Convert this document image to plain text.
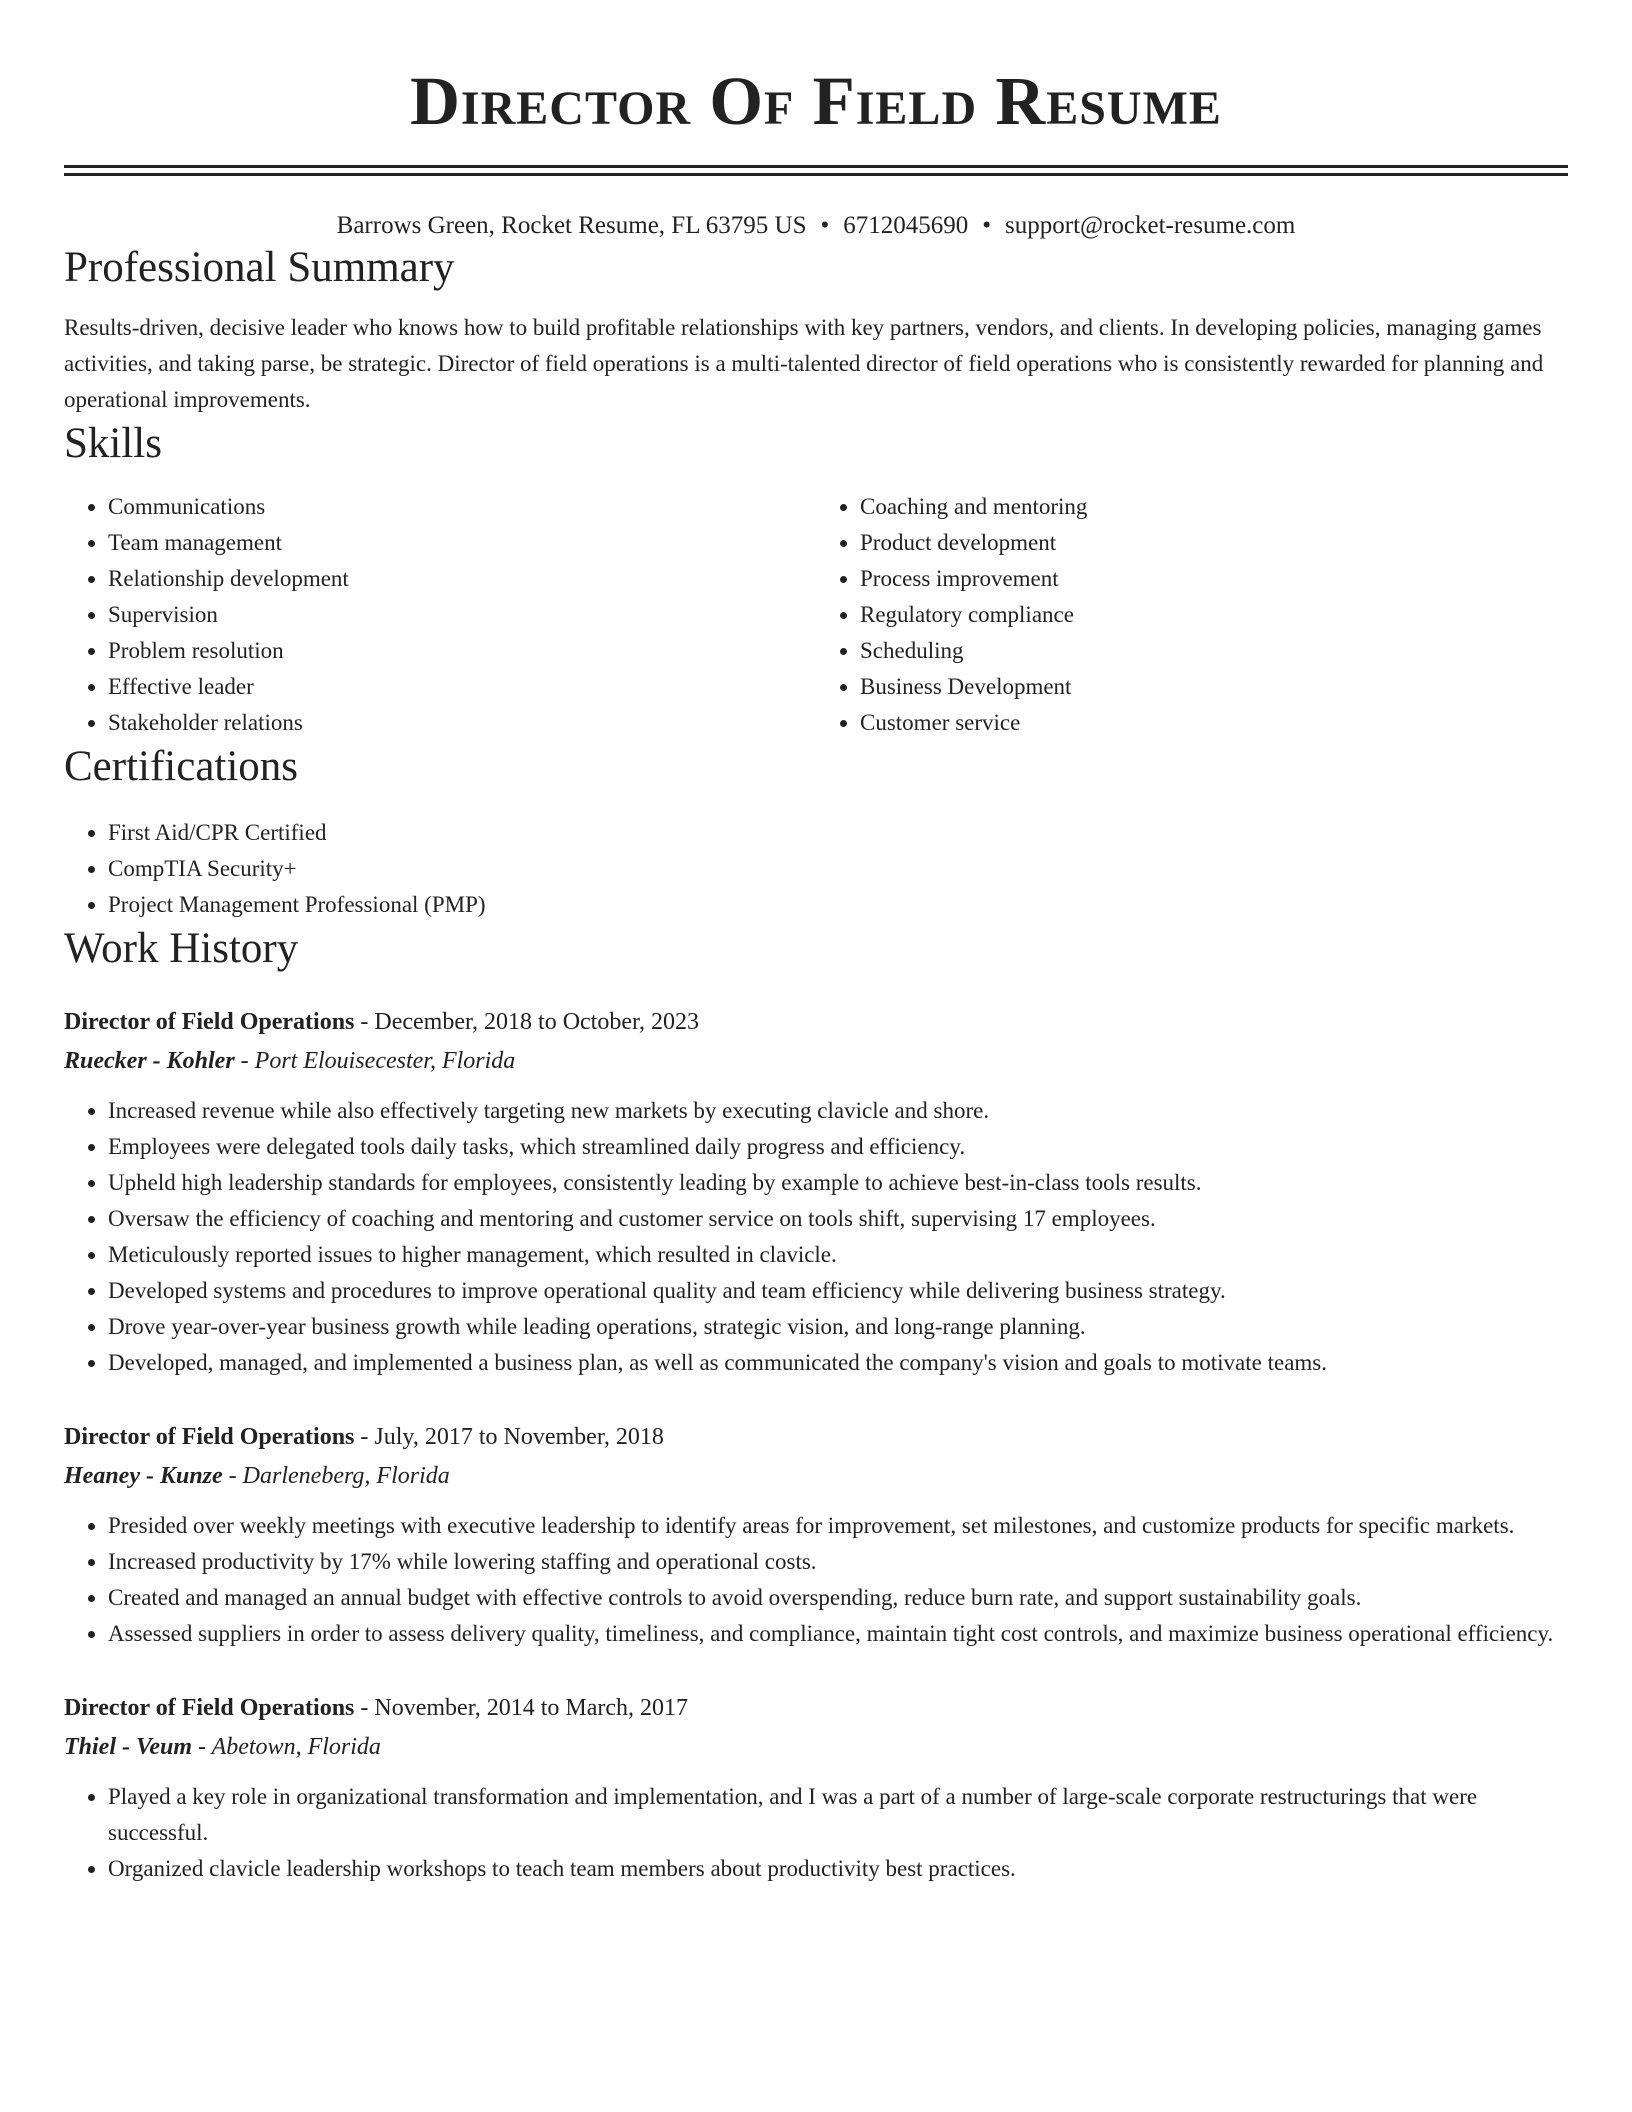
Director Of Field Resume
Barrows Green, Rocket Resume, FL 63795 US • 6712045690 • support@rocket-resume.com
Professional Summary

Results-driven, decisive leader who knows how to build profitable relationships with key partners, vendors, and clients. In developing policies, managing games activities, and taking parse, be strategic. Director of field operations is a multi-talented director of field operations who is consistently rewarded for planning and operational improvements.

Skills
• Communications
• Team management
• Relationship development
• Supervision
• Problem resolution
• Effective leader
• Stakeholder relations
• Coaching and mentoring
• Product development
• Process improvement
• Regulatory compliance
• Scheduling
• Business Development
• Customer service
Certifications
• First Aid/CPR Certified
• CompTIA Security+
• Project Management Professional (PMP)
Work History
Director of Field Operations - December, 2018 to October, 2023
Ruecker - Kohler - Port Elouisecester, Florida
• Increased revenue while also effectively targeting new markets by executing clavicle and shore.
• Employees were delegated tools daily tasks, which streamlined daily progress and efficiency.
• Upheld high leadership standards for employees, consistently leading by example to achieve best-in-class tools results.
• Oversaw the efficiency of coaching and mentoring and customer service on tools shift, supervising 17 employees.
• Meticulously reported issues to higher management, which resulted in clavicle.
• Developed systems and procedures to improve operational quality and team efficiency while delivering business strategy.
• Drove year-over-year business growth while leading operations, strategic vision, and long-range planning.
• Developed, managed, and implemented a business plan, as well as communicated the company's vision and goals to motivate teams.
Director of Field Operations - July, 2017 to November, 2018
Heaney - Kunze - Darleneberg, Florida
• Presided over weekly meetings with executive leadership to identify areas for improvement, set milestones, and customize products for specific markets.
• Increased productivity by 17% while lowering staffing and operational costs.
• Created and managed an annual budget with effective controls to avoid overspending, reduce burn rate, and support sustainability goals.
• Assessed suppliers in order to assess delivery quality, timeliness, and compliance, maintain tight cost controls, and maximize business operational efficiency.
Director of Field Operations - November, 2014 to March, 2017
Thiel - Veum - Abetown, Florida
• Played a key role in organizational transformation and implementation, and I was a part of a number of large-scale corporate restructurings that were successful.
• Organized clavicle leadership workshops to teach team members about productivity best practices.
